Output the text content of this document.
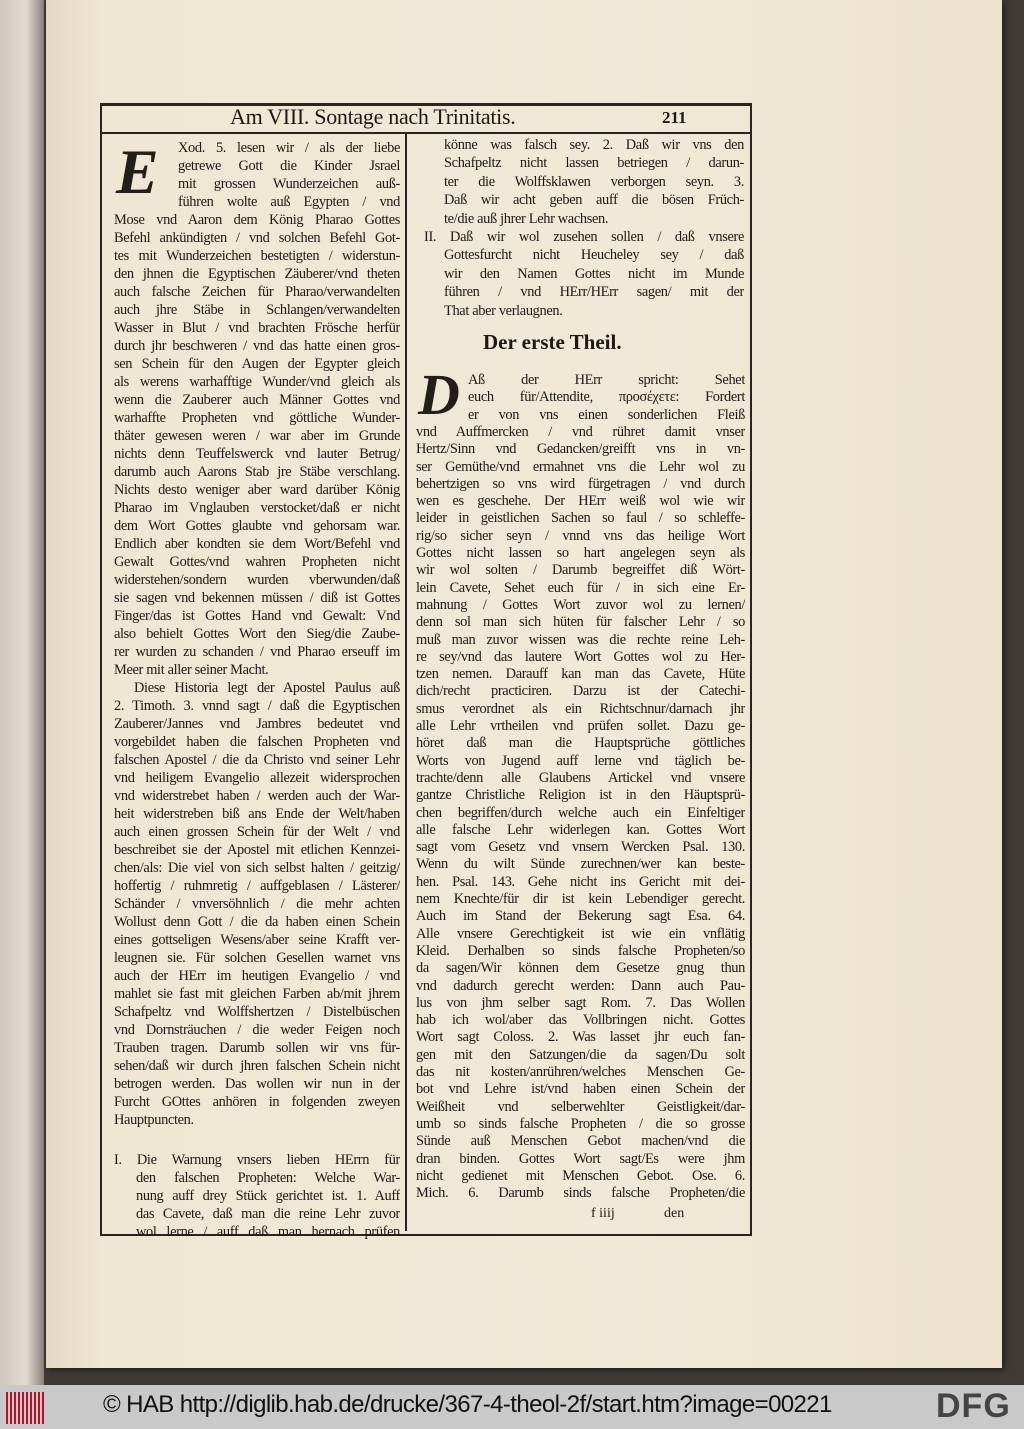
Am VIII. Sontage nach Trinitatis.	211
E
Der erste Theil.
D
f iiij	den
© HAB http://diglib.hab.de/drucke/367-4-theol-2f/start.htm?image=00221	DFG
Xod. 5. lesen wir / als der liebe
getrewe Gott die Kinder Jsrael
mit grossen Wunderzeichen auß-
führen wolte auß Egypten / vnd
Mose vnd Aaron dem König Pharao Gottes
Befehl ankündigten / vnd solchen Befehl Got-
tes mit Wunderzeichen bestetigten / widerstun-
den jhnen die Egyptischen Zäuberer/vnd theten
auch falsche Zeichen für Pharao/verwandelten
auch jhre Stäbe in Schlangen/verwandelten
Wasser in Blut / vnd brachten Frösche herfür
durch jhr beschweren / vnd das hatte einen gros-
sen Schein für den Augen der Egypter gleich
als werens warhafftige Wunder/vnd gleich als
wenn die Zauberer auch Männer Gottes vnd
warhaffte Propheten vnd göttliche Wunder-
thäter gewesen weren / war aber im Grunde
nichts denn Teuffelswerck vnd lauter Betrug/
darumb auch Aarons Stab jre Stäbe verschlang.
Nichts desto weniger aber ward darüber König
Pharao im Vnglauben verstocket/daß er nicht
dem Wort Gottes glaubte vnd gehorsam war.
Endlich aber kondten sie dem Wort/Befehl vnd
Gewalt Gottes/vnd wahren Propheten nicht
widerstehen/sondern wurden vberwunden/daß
sie sagen vnd bekennen müssen / diß ist Gottes
Finger/das ist Gottes Hand vnd Gewalt: Vnd
also behielt Gottes Wort den Sieg/die Zaube-
rer wurden zu schanden / vnd Pharao erseuff im
Meer mit aller seiner Macht.
Diese Historia legt der Apostel Paulus auß
2. Timoth. 3. vnnd sagt / daß die Egyptischen
Zauberer/Jannes vnd Jambres bedeutet vnd
vorgebildet haben die falschen Propheten vnd
falschen Apostel / die da Christo vnd seiner Lehr
vnd heiligem Evangelio allezeit widersprochen
vnd widerstrebet haben / werden auch der War-
heit widerstreben biß ans Ende der Welt/haben
auch einen grossen Schein für der Welt / vnd
beschreibet sie der Apostel mit etlichen Kennzei-
chen/als: Die viel von sich selbst halten / geitzig/
hoffertig / ruhmretig / auffgeblasen / Lästerer/
Schänder / vnversöhnlich / die mehr achten
Wollust denn Gott / die da haben einen Schein
eines gottseligen Wesens/aber seine Krafft ver-
leugnen sie. Für solchen Gesellen warnet vns
auch der HErr im heutigen Evangelio / vnd
mahlet sie fast mit gleichen Farben ab/mit jhrem
Schafpeltz vnd Wolffshertzen / Distelbüschen
vnd Dornsträuchen / die weder Feigen noch
Trauben tragen. Darumb sollen wir vns für-
sehen/daß wir durch jhren falschen Schein nicht
betrogen werden. Das wollen wir nun in der
Furcht GOttes anhören in folgenden zweyen
Hauptpuncten.
I. Die Warnung vnsers lieben HErrn für
den falschen Propheten: Welche War-
nung auff drey Stück gerichtet ist. 1. Auff
das Cavete, daß man die reine Lehr zuvor
wol lerne / auff daß man hernach prüfen
könne was falsch sey. 2. Daß wir vns den
Schafpeltz nicht lassen betriegen / darun-
ter die Wolffsklawen verborgen seyn. 3.
Daß wir acht geben auff die bösen Früch-
te/die auß jhrer Lehr wachsen.
II. Daß wir wol zusehen sollen / daß vnsere
Gottesfurcht nicht Heucheley sey / daß
wir den Namen Gottes nicht im Munde
führen / vnd HErr/HErr sagen/ mit der
That aber verlaugnen.
Aß der HErr spricht: Sehet
euch für/Attendite, προσέχετε: Fordert
er von vns einen sonderlichen Fleiß
vnd Auffmercken / vnd rühret damit vnser
Hertz/Sinn vnd Gedancken/greifft vns in vn-
ser Gemüthe/vnd ermahnet vns die Lehr wol zu
behertzigen so vns wird fürgetragen / vnd durch
wen es geschehe. Der HErr weiß wol wie wir
leider in geistlichen Sachen so faul / so schleffe-
rig/so sicher seyn / vnnd vns das heilige Wort
Gottes nicht lassen so hart angelegen seyn als
wir wol solten / Darumb begreiffet diß Wört-
lein Cavete, Sehet euch für / in sich eine Er-
mahnung / Gottes Wort zuvor wol zu lernen/
denn sol man sich hüten für falscher Lehr / so
muß man zuvor wissen was die rechte reine Leh-
re sey/vnd das lautere Wort Gottes wol zu Her-
tzen nemen. Darauff kan man das Cavete, Hüte
dich/recht practiciren. Darzu ist der Catechi-
smus verordnet als ein Richtschnur/darnach jhr
alle Lehr vrtheilen vnd prüfen sollet. Dazu ge-
höret daß man die Hauptsprüche göttliches
Worts von Jugend auff lerne vnd täglich be-
trachte/denn alle Glaubens Artickel vnd vnsere
gantze Christliche Religion ist in den Häuptsprü-
chen begriffen/durch welche auch ein Einfeltiger
alle falsche Lehr widerlegen kan. Gottes Wort
sagt vom Gesetz vnd vnsern Wercken Psal. 130.
Wenn du wilt Sünde zurechnen/wer kan beste-
hen. Psal. 143. Gehe nicht ins Gericht mit dei-
nem Knechte/für dir ist kein Lebendiger gerecht.
Auch im Stand der Bekerung sagt Esa. 64.
Alle vnsere Gerechtigkeit ist wie ein vnflätig
Kleid. Derhalben so sinds falsche Propheten/so
da sagen/Wir können dem Gesetze gnug thun
vnd dadurch gerecht werden: Dann auch Pau-
lus von jhm selber sagt Rom. 7. Das Wollen
hab ich wol/aber das Vollbringen nicht. Gottes
Wort sagt Coloss. 2. Was lasset jhr euch fan-
gen mit den Satzungen/die da sagen/Du solt
das nit kosten/anrühren/welches Menschen Ge-
bot vnd Lehre ist/vnd haben einen Schein der
Weißheit vnd selberwehlter Geistligkeit/dar-
umb so sinds falsche Propheten / die so grosse
Sünde auß Menschen Gebot machen/vnd die
dran binden. Gottes Wort sagt/Es were jhm
nicht gedienet mit Menschen Gebot. Ose. 6.
Mich. 6. Darumb sinds falsche Propheten/die
